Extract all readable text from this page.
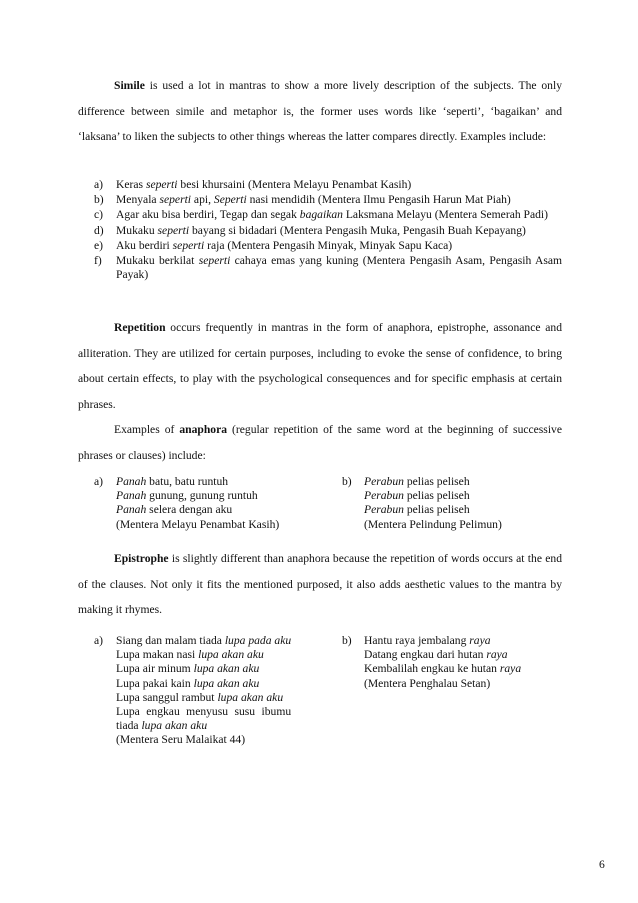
Simile is used a lot in mantras to show a more lively description of the subjects. The only difference between simile and metaphor is, the former uses words like ‘seperti’, ‘bagaikan’ and ‘laksana’ to liken the subjects to other things whereas the latter compares directly. Examples include:

a) Keras seperti besi khursaini (Mentera Melayu Penambat Kasih)
b) Menyala seperti api, Seperti nasi mendidih (Mentera Ilmu Pengasih Harun Mat Piah)
c) Agar aku bisa berdiri, Tegap dan segak bagaikan Laksmana Melayu (Mentera Semerah Padi)
d) Mukaku seperti bayang si bidadari (Mentera Pengasih Muka, Pengasih Buah Kepayang)
e) Aku berdiri seperti raja (Mentera Pengasih Minyak, Minyak Sapu Kaca)
f) Mukaku berkilat seperti cahaya emas yang kuning (Mentera Pengasih Asam, Pengasih Asam Payak)

Repetition occurs frequently in mantras in the form of anaphora, epistrophe, assonance and alliteration. They are utilized for certain purposes, including to evoke the sense of confidence, to bring about certain effects, to play with the psychological consequences and for specific emphasis at certain phrases.

Examples of anaphora (regular repetition of the same word at the beginning of successive phrases or clauses) include:

a) Panah batu, batu runtuh
Panah gunung, gunung runtuh
Panah selera dengan aku
(Mentera Melayu Penambat Kasih)
b) Perabun pelias peliseh
Perabun pelias peliseh
Perabun pelias peliseh
(Mentera Pelindung Pelimun)

Epistrophe is slightly different than anaphora because the repetition of words occurs at the end of the clauses. Not only it fits the mentioned purposed, it also adds aesthetic values to the mantra by making it rhymes.

a) Siang dan malam tiada lupa pada aku
Lupa makan nasi lupa akan aku
Lupa air minum lupa akan aku
Lupa pakai kain lupa akan aku
Lupa sanggul rambut lupa akan aku
Lupa engkau menyusu susu ibumu
tiada lupa akan aku
(Mentera Seru Malaikat 44)
b) Hantu raya jembalang raya
Datang engkau dari hutan raya
Kembalilah engkau ke hutan raya
(Mentera Penghalau Setan)
6
